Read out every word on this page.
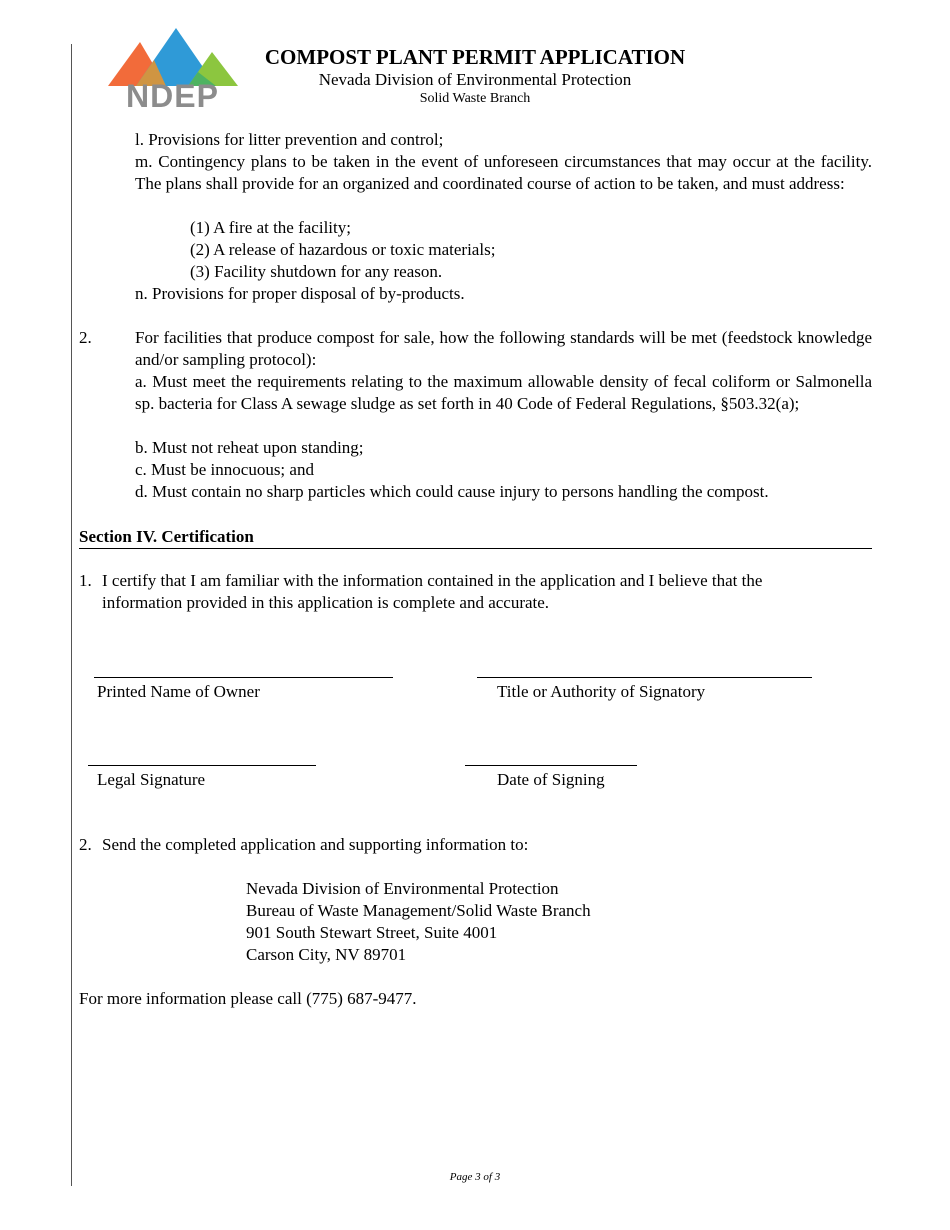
NDEP
COMPOST PLANT PERMIT APPLICATION
Nevada Division of Environmental Protection
Solid Waste Branch
l. Provisions for litter prevention and control;
m. Contingency plans to be taken in the event of unforeseen circumstances that may occur at the facility. The plans shall provide for an organized and coordinated course of action to be taken, and must address:
(1) A fire at the facility;
(2) A release of hazardous or toxic materials;
(3) Facility shutdown for any reason.
n. Provisions for proper disposal of by-products.
2.	For facilities that produce compost for sale, how the following standards will be met (feedstock knowledge and/or sampling protocol):
a. Must meet the requirements relating to the maximum allowable density of fecal coliform or Salmonella sp. bacteria for Class A sewage sludge as set forth in 40 Code of Federal Regulations, §503.32(a);
b. Must not reheat upon standing;
c. Must be innocuous; and
d. Must contain no sharp particles which could cause injury to persons handling the compost.
Section IV. Certification
1. I certify that I am familiar with the information contained in the application and I believe that the information provided in this application is complete and accurate.
Printed Name of Owner	Title or Authority of Signatory
Legal Signature	Date of Signing
2. Send the completed application and supporting information to:
Nevada Division of Environmental Protection
Bureau of Waste Management/Solid Waste Branch
901 South Stewart Street, Suite 4001
Carson City, NV 89701
For more information please call (775) 687-9477.
Page 3 of 3
